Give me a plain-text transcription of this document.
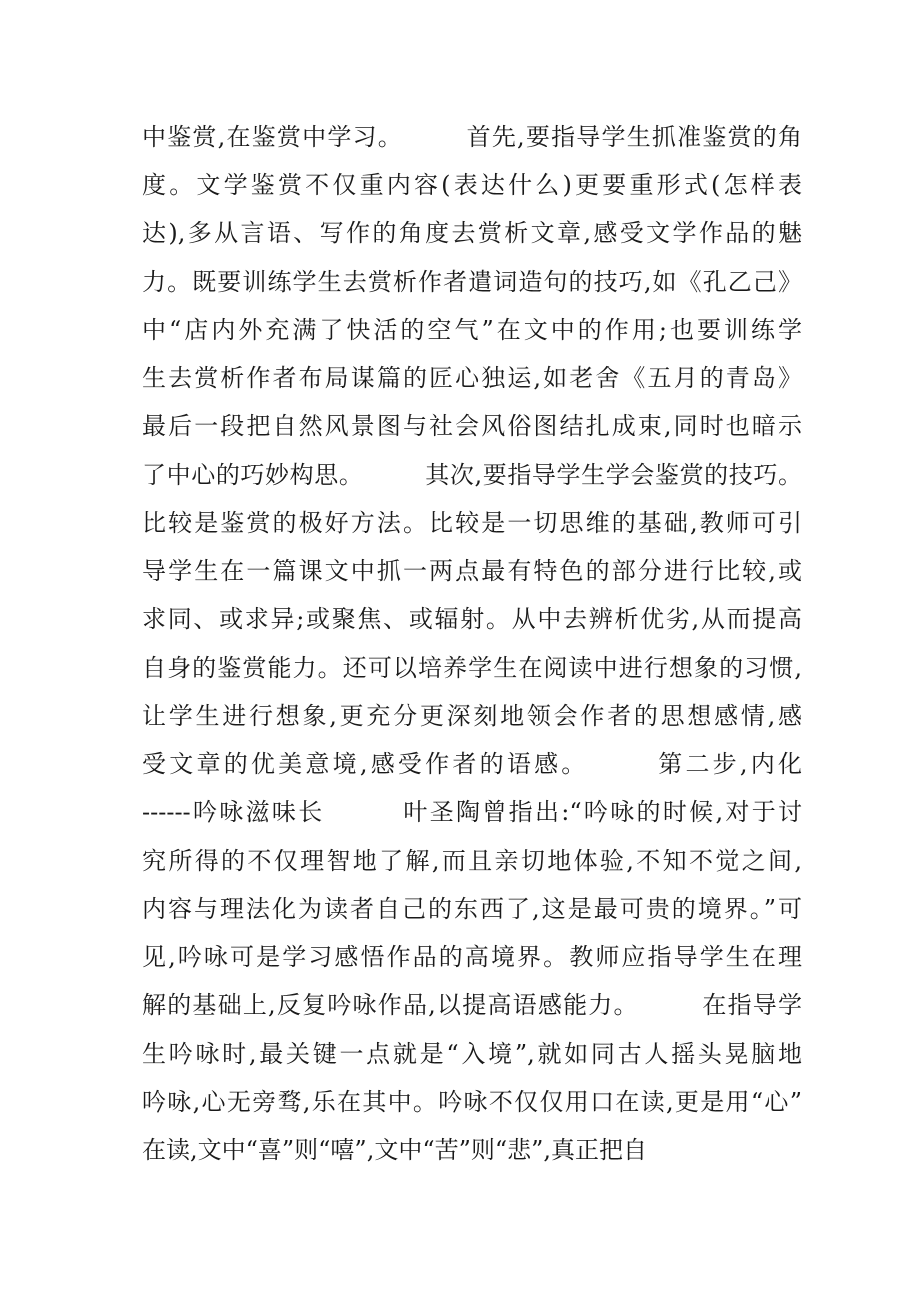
中鉴赏,在鉴赏中学习。　　　首先,要指导学生抓准鉴赏的角
度。文学鉴赏不仅重内容(表达什么)更要重形式(怎样表
达),多从言语、写作的角度去赏析文章,感受文学作品的魅
力。既要训练学生去赏析作者遣词造句的技巧,如《孔乙己》
中“店内外充满了快活的空气”在文中的作用;也要训练学
生去赏析作者布局谋篇的匠心独运,如老舍《五月的青岛》
最后一段把自然风景图与社会风俗图结扎成束,同时也暗示
了中心的巧妙构思。　　　其次,要指导学生学会鉴赏的技巧。
比较是鉴赏的极好方法。比较是一切思维的基础,教师可引
导学生在一篇课文中抓一两点最有特色的部分进行比较,或
求同、或求异;或聚焦、或辐射。从中去辨析优劣,从而提高
自身的鉴赏能力。还可以培养学生在阅读中进行想象的习惯,
让学生进行想象,更充分更深刻地领会作者的思想感情,感
受文章的优美意境,感受作者的语感。　　　第二步,内化
------吟咏滋味长　　　叶圣陶曾指出:“吟咏的时候,对于讨
究所得的不仅理智地了解,而且亲切地体验,不知不觉之间,
内容与理法化为读者自己的东西了,这是最可贵的境界。”可
见,吟咏可是学习感悟作品的高境界。教师应指导学生在理
解的基础上,反复吟咏作品,以提高语感能力。　　　在指导学
生吟咏时,最关键一点就是“入境”,就如同古人摇头晃脑地
吟咏,心无旁骛,乐在其中。吟咏不仅仅用口在读,更是用“心”
在读,文中“喜”则“嘻”,文中“苦”则“悲”,真正把自
